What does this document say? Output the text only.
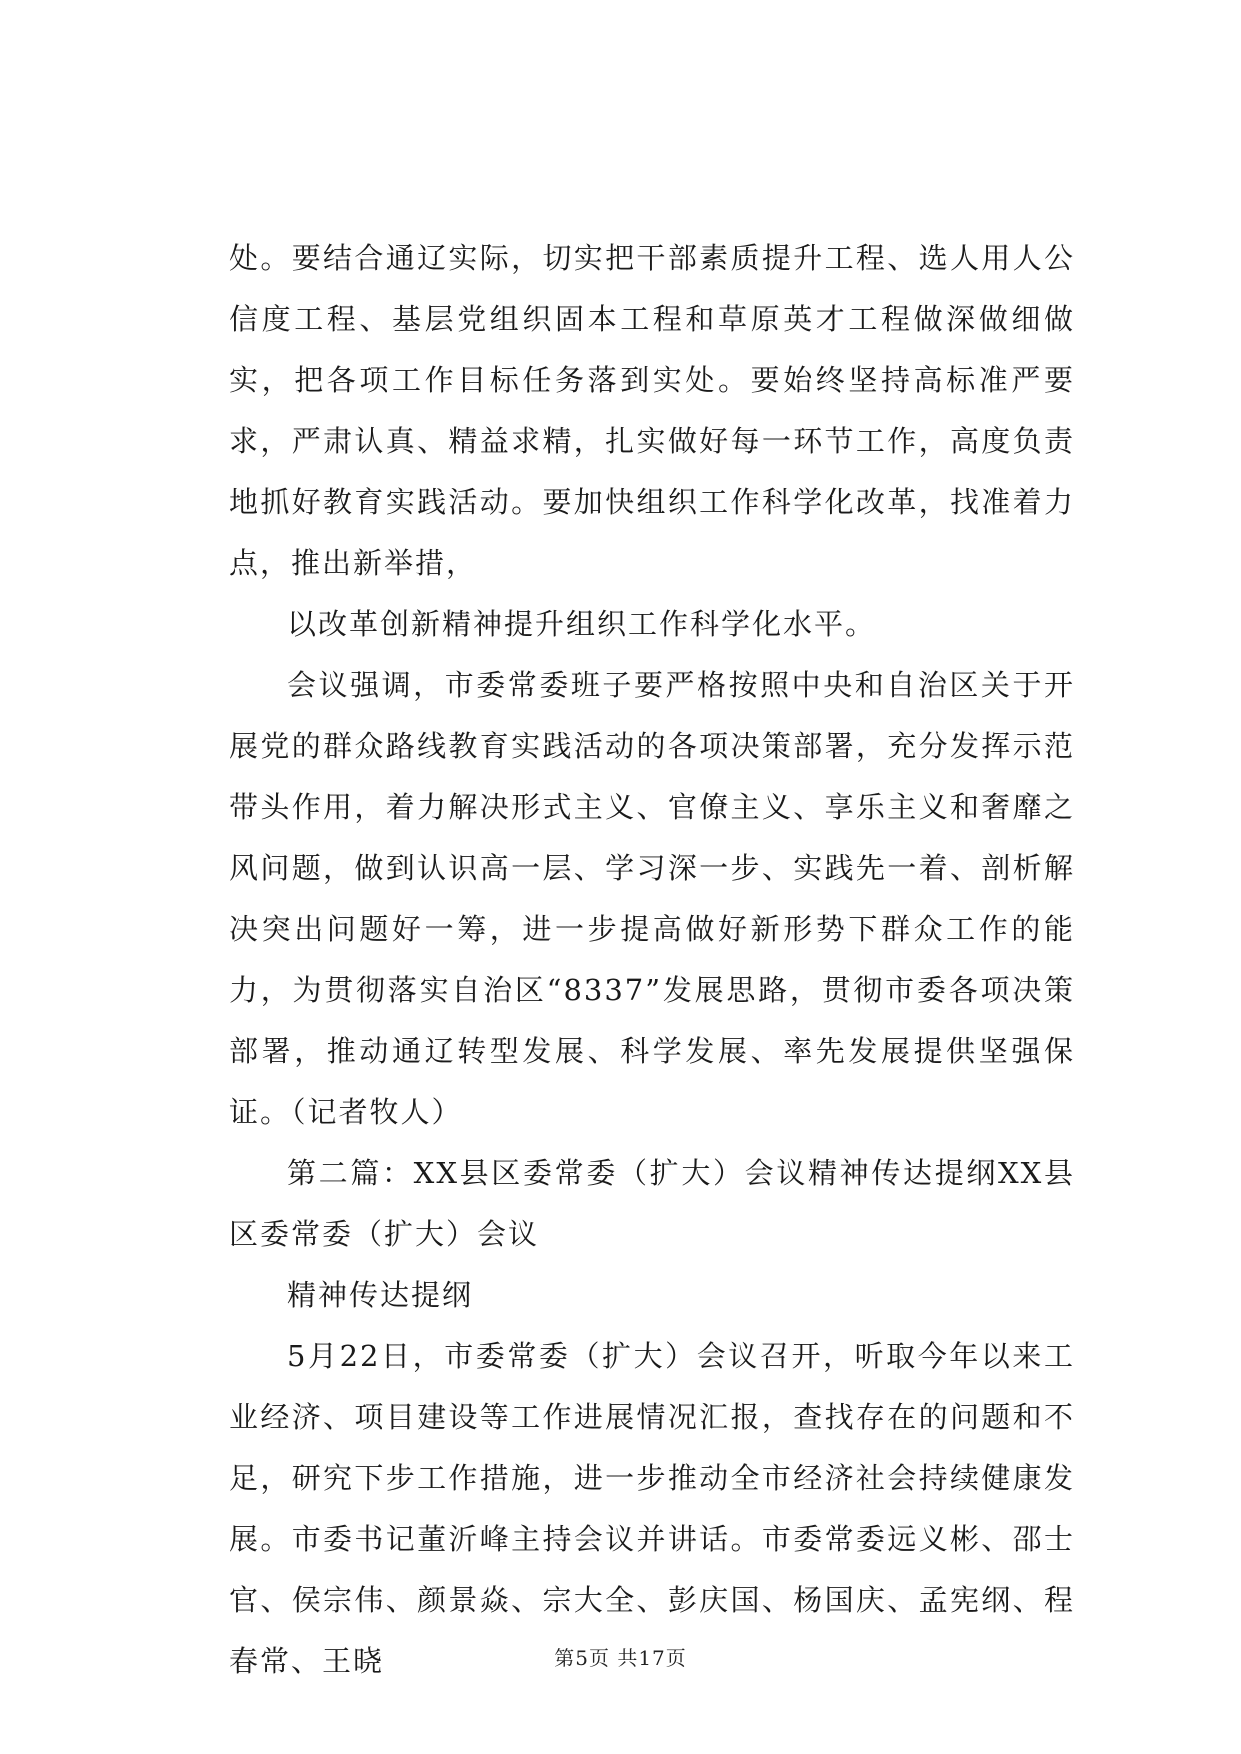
处。要结合通辽实际，切实把干部素质提升工程、选人用人公信度工程、基层党组织固本工程和草原英才工程做深做细做实，把各项工作目标任务落到实处。要始终坚持高标准严要求，严肃认真、精益求精，扎实做好每一环节工作，高度负责地抓好教育实践活动。要加快组织工作科学化改革，找准着力点，推出新举措，

以改革创新精神提升组织工作科学化水平。

会议强调，市委常委班子要严格按照中央和自治区关于开展党的群众路线教育实践活动的各项决策部署，充分发挥示范带头作用，着力解决形式主义、官僚主义、享乐主义和奢靡之风问题，做到认识高一层、学习深一步、实践先一着、剖析解决突出问题好一筹，进一步提高做好新形势下群众工作的能力，为贯彻落实自治区“8337”发展思路，贯彻市委各项决策部署，推动通辽转型发展、科学发展、率先发展提供坚强保证。（记者牧人）

第二篇：XX县区委常委（扩大）会议精神传达提纲XX县区委常委（扩大）会议

精神传达提纲

5月22日，市委常委（扩大）会议召开，听取今年以来工业经济、项目建设等工作进展情况汇报，查找存在的问题和不足，研究下步工作措施，进一步推动全市经济社会持续健康发展。市委书记董沂峰主持会议并讲话。市委常委远义彬、邵士官、侯宗伟、颜景焱、宗大全、彭庆国、杨国庆、孟宪纲、程春常、王晓	第5页 共17页
